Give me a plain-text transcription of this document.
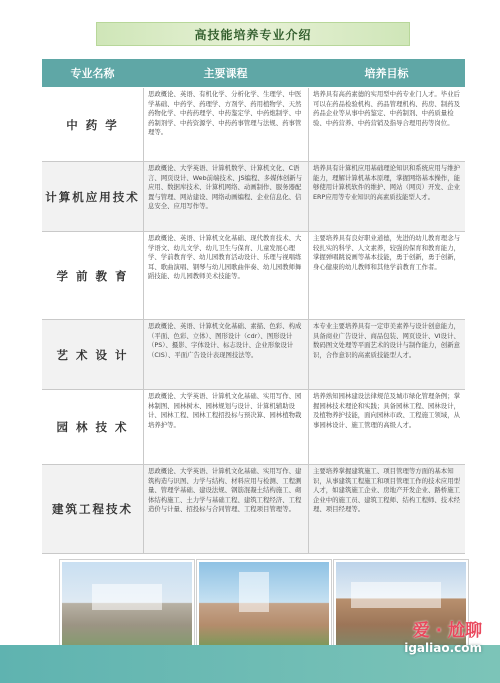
高技能培养专业介绍
专业名称	主要课程	培养目标
中 药 学
思政概论、英语、有机化学、分析化学、生理学、中医学基础、中药学、药理学、方剂学、药用植物学、天然药物化学、中药药理学、中药鉴定学、中药炮制学、中药制剂学、中药资源学、中药药事管理与法规、药事管理等。
培养具有高药素德的实用型中药专业门人才。毕业后可以在药品检验机构、药品管理机构、药房、制药及药品企业等从事中药鉴定、中药制剂、中药质量检验、中药营养、中药营销及指导合理用药等岗位。
计算机应用技术
思政概论、大学英语、计算机数学、计算机文化、C语言、网页设计、Web前端技术、JS编程、多媒体创新与应用、数据库技术、计算机网络、动画制作、服务器配置与管理、网站建设、网络动画编程、企业信息化、信息安全、应用写作等。
培养具有计算机应用基础理论知识和系统应用与维护能力，理解计算机基本原理，掌握网络基本操作，能够使用计算机软件的维护、网站（网页）开发、企业ERP应用等专业知识的高素质技能型人才。
学 前 教 育
思政概论、英语、计算机文化基础、现代教育技术、大学语文、幼儿文学、幼儿卫生与保育、儿童发展心理学、学前教育学、幼儿园教育活动设计、乐理与视唱练耳、歌曲演唱、钢琴与幼儿园歌曲伴奏、幼儿园教师舞蹈技能、幼儿园教师美术技能等。
主要培养具有良好职业道德，先进的幼儿教育理念与较扎实的科学、人文素养，较强的保育和教育能力，掌握弹唱跳说画等基本技能，勇于创新，勇于创新，身心健康的幼儿教师和其他学前教育工作者。
艺 术 设 计
思政概论、英语、计算机文化基础、素描、色彩、构成（平面、色彩、立体）、图形设计（cdr）、图形设计（PS）、摄影、字体设计、标志设计、企业形象设计（CIS）、平面广告设计表现图技法等。
本专业主要培养具有一定审美素养与设计创意能力，具备商业广告设计、商品包装、网页设计、VI设计、数码图文处理等平面艺术的设计与制作能力，创新意识，合作意识的高素质技能型人才。
园 林 技 术
思政概论、大学英语、计算机文化基础、实用写作、园林制图、园林树木、园林规划与设计、计算机辅助设计、园林工程、园林工程招投标与预决算、园林植物栽培养护等。
培养熟知园林建设法律规范及城市绿化管理条例；掌握园林技术理论和实践；具备园林工程、园林设计，及植物养护技能，面向园林市政、工程施工领域，从事园林设计、施工管理的高级人才。
建筑工程技术
思政概论、大学英语、计算机文化基础、实用写作、建筑构造与识图、力学与结构、材料应用与检测、工程测量、管理学基础、建设法规、钢筋混凝土结构施工、砌体结构施工、土力学与基础工程、建筑工程经济、工程造价与计量、招投标与合同管理、工程项目管理等。
主要培养掌握建筑施工、项目管理等方面的基本知识，从事建筑工程施工和项目管理工作的技术应用型人才，如建筑施工企业、房地产开发企业、路桥施工企业中的施工员、建筑工程师、结构工程师、技术经理、项目经理等。
爱 · 尬聊
igaliao.com
